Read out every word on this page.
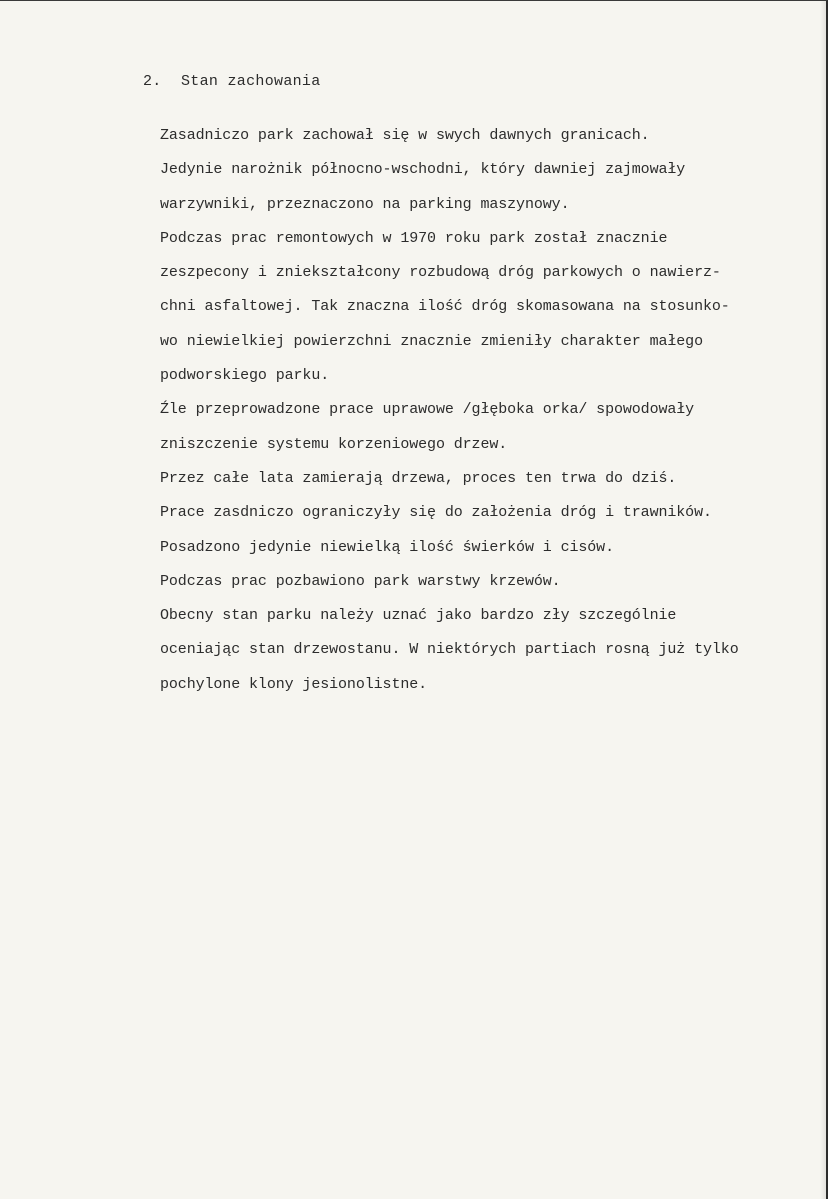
2. Stan zachowania
Zasadniczo park zachował się w swych dawnych granicach.
Jedynie narożnik północno-wschodni, który dawniej zajmowały
warzywniki, przeznaczono na parking maszynowy.
Podczas prac remontowych w 1970 roku park został znacznie
zeszpecony i zniekształcony rozbudową dróg parkowych o nawierz-
chni asfaltowej. Tak znaczna ilość dróg skomasowana na stosunko-
wo niewielkiej powierzchni znacznie zmieniły charakter małego
podworskiego parku.
Źle przeprowadzone prace uprawowe /głęboka orka/ spowodowały
zniszczenie systemu korzeniowego drzew.
Przez całe lata zamierają drzewa, proces ten trwa do dziś.
Prace zasdniczo ograniczyły się do założenia dróg i trawników.
Posadzono jedynie niewielką ilość świerków i cisów.
Podczas prac pozbawiono park warstwy krzewów.
Obecny stan parku należy uznać jako bardzo zły szczególnie
oceniając stan drzewostanu. W niektórych partiach rosną już tylko
pochylone klony jesionolistne.
